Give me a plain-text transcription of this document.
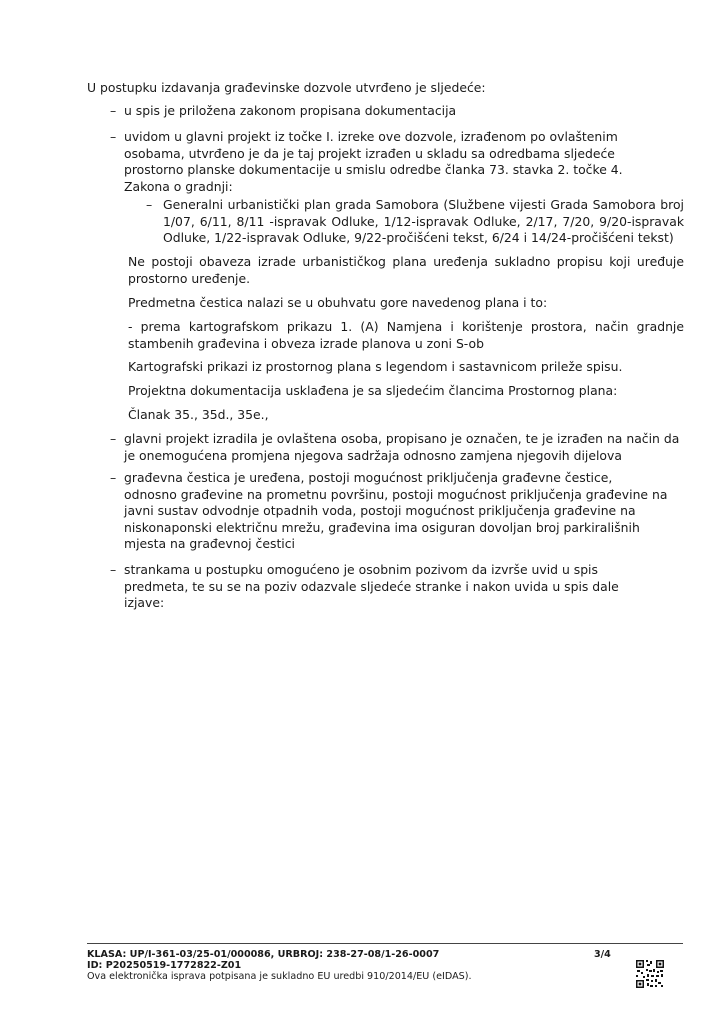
U postupku izdavanja građevinske dozvole utvrđeno je sljedeće:
– u spis je priložena zakonom propisana dokumentacija
– uvidom u glavni projekt iz točke I. izreke ove dozvole, izrađenom po ovlaštenim osobama, utvrđeno je da je taj projekt izrađen u skladu sa odredbama sljedeće prostorno planske dokumentacije u smislu odredbe članka 73. stavka 2. točke 4. Zakona o gradnji:
– Generalni urbanistički plan grada Samobora (Službene vijesti Grada Samobora broj 1/07, 6/11, 8/11 -ispravak Odluke, 1/12-ispravak Odluke, 2/17, 7/20, 9/20-ispravak Odluke, 1/22-ispravak Odluke, 9/22-pročišćeni tekst, 6/24 i 14/24-pročišćeni tekst)
Ne postoji obaveza izrade urbanističkog plana uređenja sukladno propisu koji uređuje prostorno uređenje.
Predmetna čestica nalazi se u obuhvatu gore navedenog plana i to:
- prema kartografskom prikazu 1. (A) Namjena i korištenje prostora, način gradnje stambenih građevina i obveza izrade planova u zoni S-ob
Kartografski prikazi iz prostornog plana s legendom i sastavnicom priležе spisu.
Projektna dokumentacija usklađena je sa sljedećim člancima Prostornog plana:
Članak 35., 35d., 35e.,
– glavni projekt izradila je ovlaštena osoba, propisano je označen, te je izrađen na način da je onemogućena promjena njegova sadržaja odnosno zamjena njegovih dijelova
– građevna čestica je uređena, postoji mogućnost priključenja građevne čestice, odnosno građevine na prometnu površinu, postoji mogućnost priključenja građevine na javni sustav odvodnje otpadnih voda, postoji mogućnost priključenja građevine na niskonaponski električnu mrežu, građevina ima osiguran dovoljan broj parkirališnih mjesta na građevnoj čestici
– strankama u postupku omogućeno je osobnim pozivom da izvrše uvid u spis predmeta, te su se na poziv odazvale sljedeće stranke i nakon uvida u spis dale izjave:
KLASA: UP/I-361-03/25-01/000086, URBROJ: 238-27-08/1-26-0007	3/4
ID: P20250519-1772822-Z01
Ova elektronička isprava potpisana je sukladno EU uredbi 910/2014/EU (eIDAS).
